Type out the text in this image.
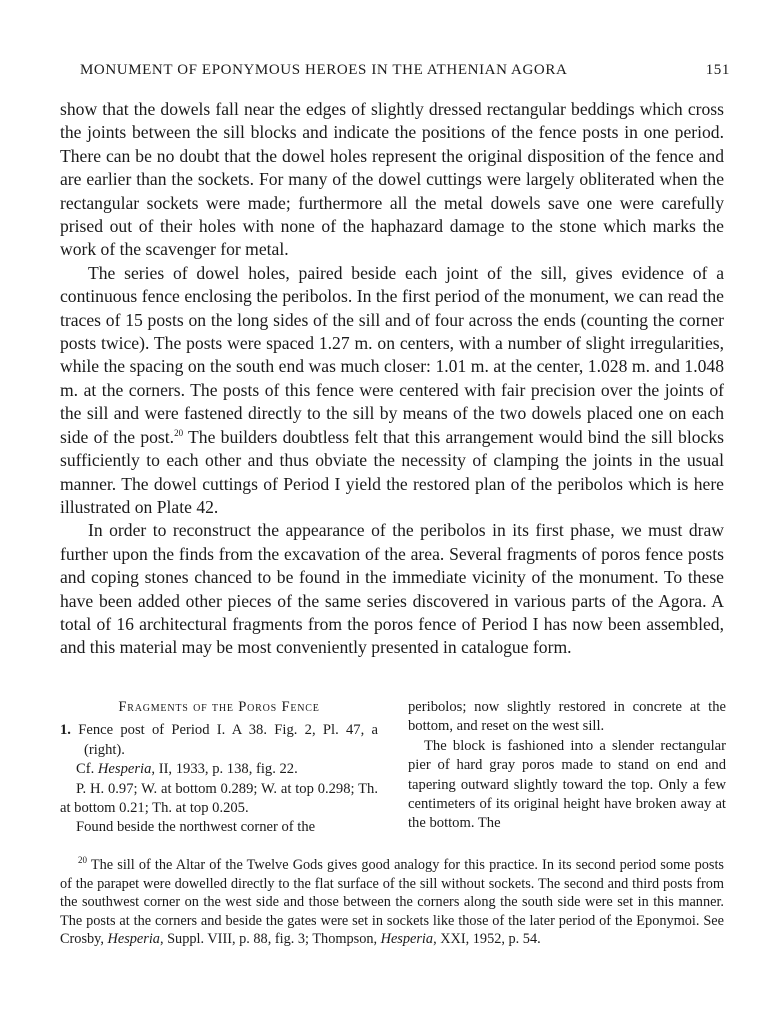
MONUMENT OF EPONYMOUS HEROES IN THE ATHENIAN AGORA	151

show that the dowels fall near the edges of slightly dressed rectangular beddings which cross the joints between the sill blocks and indicate the positions of the fence posts in one period. There can be no doubt that the dowel holes represent the original disposition of the fence and are earlier than the sockets. For many of the dowel cuttings were largely obliterated when the rectangular sockets were made; furthermore all the metal dowels save one were carefully prised out of their holes with none of the haphazard damage to the stone which marks the work of the scavenger for metal.

The series of dowel holes, paired beside each joint of the sill, gives evidence of a continuous fence enclosing the peribolos. In the first period of the monument, we can read the traces of 15 posts on the long sides of the sill and of four across the ends (counting the corner posts twice). The posts were spaced 1.27 m. on centers, with a number of slight irregularities, while the spacing on the south end was much closer: 1.01 m. at the center, 1.028 m. and 1.048 m. at the corners. The posts of this fence were centered with fair precision over the joints of the sill and were fastened directly to the sill by means of the two dowels placed one on each side of the post.$^{20}$ The builders doubtless felt that this arrangement would bind the sill blocks sufficiently to each other and thus obviate the necessity of clamping the joints in the usual manner. The dowel cuttings of Period I yield the restored plan of the peribolos which is here illustrated on Plate 42.

In order to reconstruct the appearance of the peribolos in its first phase, we must draw further upon the finds from the excavation of the area. Several fragments of poros fence posts and coping stones chanced to be found in the immediate vicinity of the monument. To these have been added other pieces of the same series discovered in various parts of the Agora. A total of 16 architectural fragments from the poros fence of Period I has now been assembled, and this material may be most conveniently presented in catalogue form.

Fragments of the Poros Fence

1. Fence post of Period I. A 38. Fig. 2, Pl. 47, a (right).

Cf. Hesperia, II, 1933, p. 138, fig. 22.

P. H. 0.97; W. at bottom 0.289; W. at top 0.298; Th. at bottom 0.21; Th. at top 0.205.

Found beside the northwest corner of the

peribolos; now slightly restored in concrete at the bottom, and reset on the west sill.

The block is fashioned into a slender rectangular pier of hard gray poros made to stand on end and tapering outward slightly toward the top. Only a few centimeters of its original height have broken away at the bottom. The

$^{20}$ The sill of the Altar of the Twelve Gods gives good analogy for this practice. In its second period some posts of the parapet were dowelled directly to the flat surface of the sill without sockets. The second and third posts from the southwest corner on the west side and those between the corners along the south side were set in this manner. The posts at the corners and beside the gates were set in sockets like those of the later period of the Eponymoi. See Crosby, Hesperia, Suppl. VIII, p. 88, fig. 3; Thompson, Hesperia, XXI, 1952, p. 54.
